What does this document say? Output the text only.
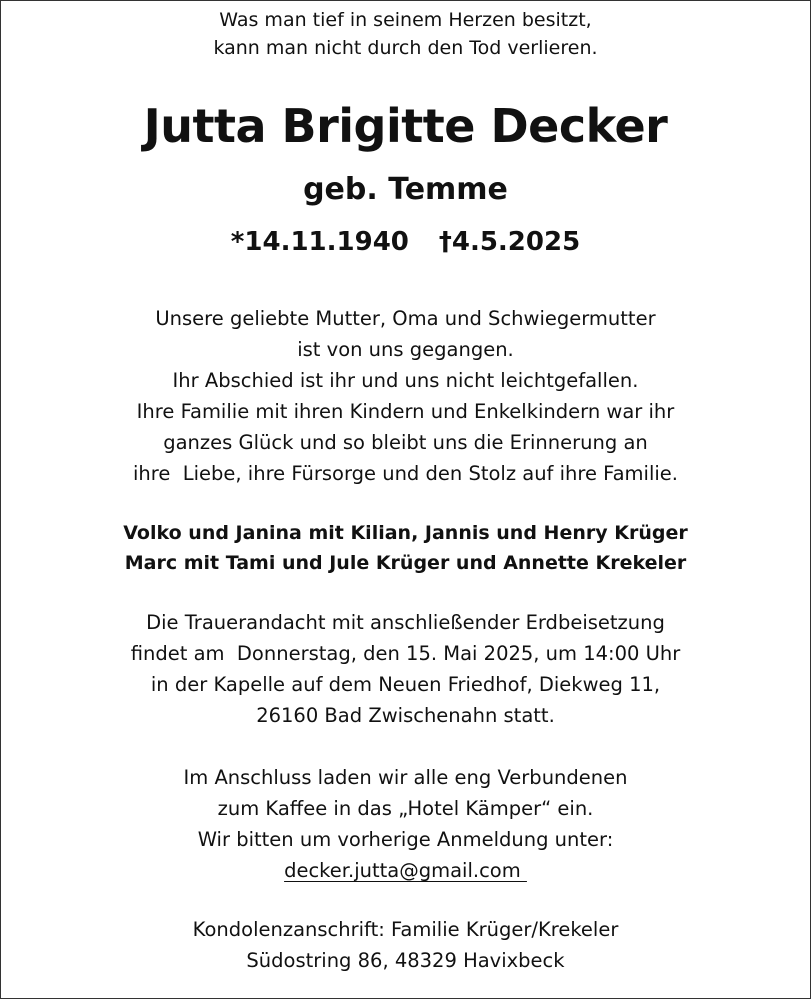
Was man tief in seinem Herzen besitzt,
kann man nicht durch den Tod verlieren.
Jutta Brigitte Decker
geb. Temme
*14.11.1940 †4.5.2025
Unsere geliebte Mutter, Oma und Schwiegermutter
ist von uns gegangen.
Ihr Abschied ist ihr und uns nicht leichtgefallen.
Ihre Familie mit ihren Kindern und Enkelkindern war ihr
ganzes Glück und so bleibt uns die Erinnerung an
ihre  Liebe, ihre Fürsorge und den Stolz auf ihre Familie.
Volko und Janina mit Kilian, Jannis und Henry Krüger
Marc mit Tami und Jule Krüger und Annette Krekeler
Die Trauerandacht mit anschließender Erdbeisetzung
findet am  Donnerstag, den 15. Mai 2025, um 14:00 Uhr
in der Kapelle auf dem Neuen Friedhof, Diekweg 11,
26160 Bad Zwischenahn statt.
Im Anschluss laden wir alle eng Verbundenen
zum Kaffee in das „Hotel Kämper“ ein.
Wir bitten um vorherige Anmeldung unter:
decker.jutta@gmail.com
Kondolenzanschrift: Familie Krüger/Krekeler
Südostring 86, 48329 Havixbeck
